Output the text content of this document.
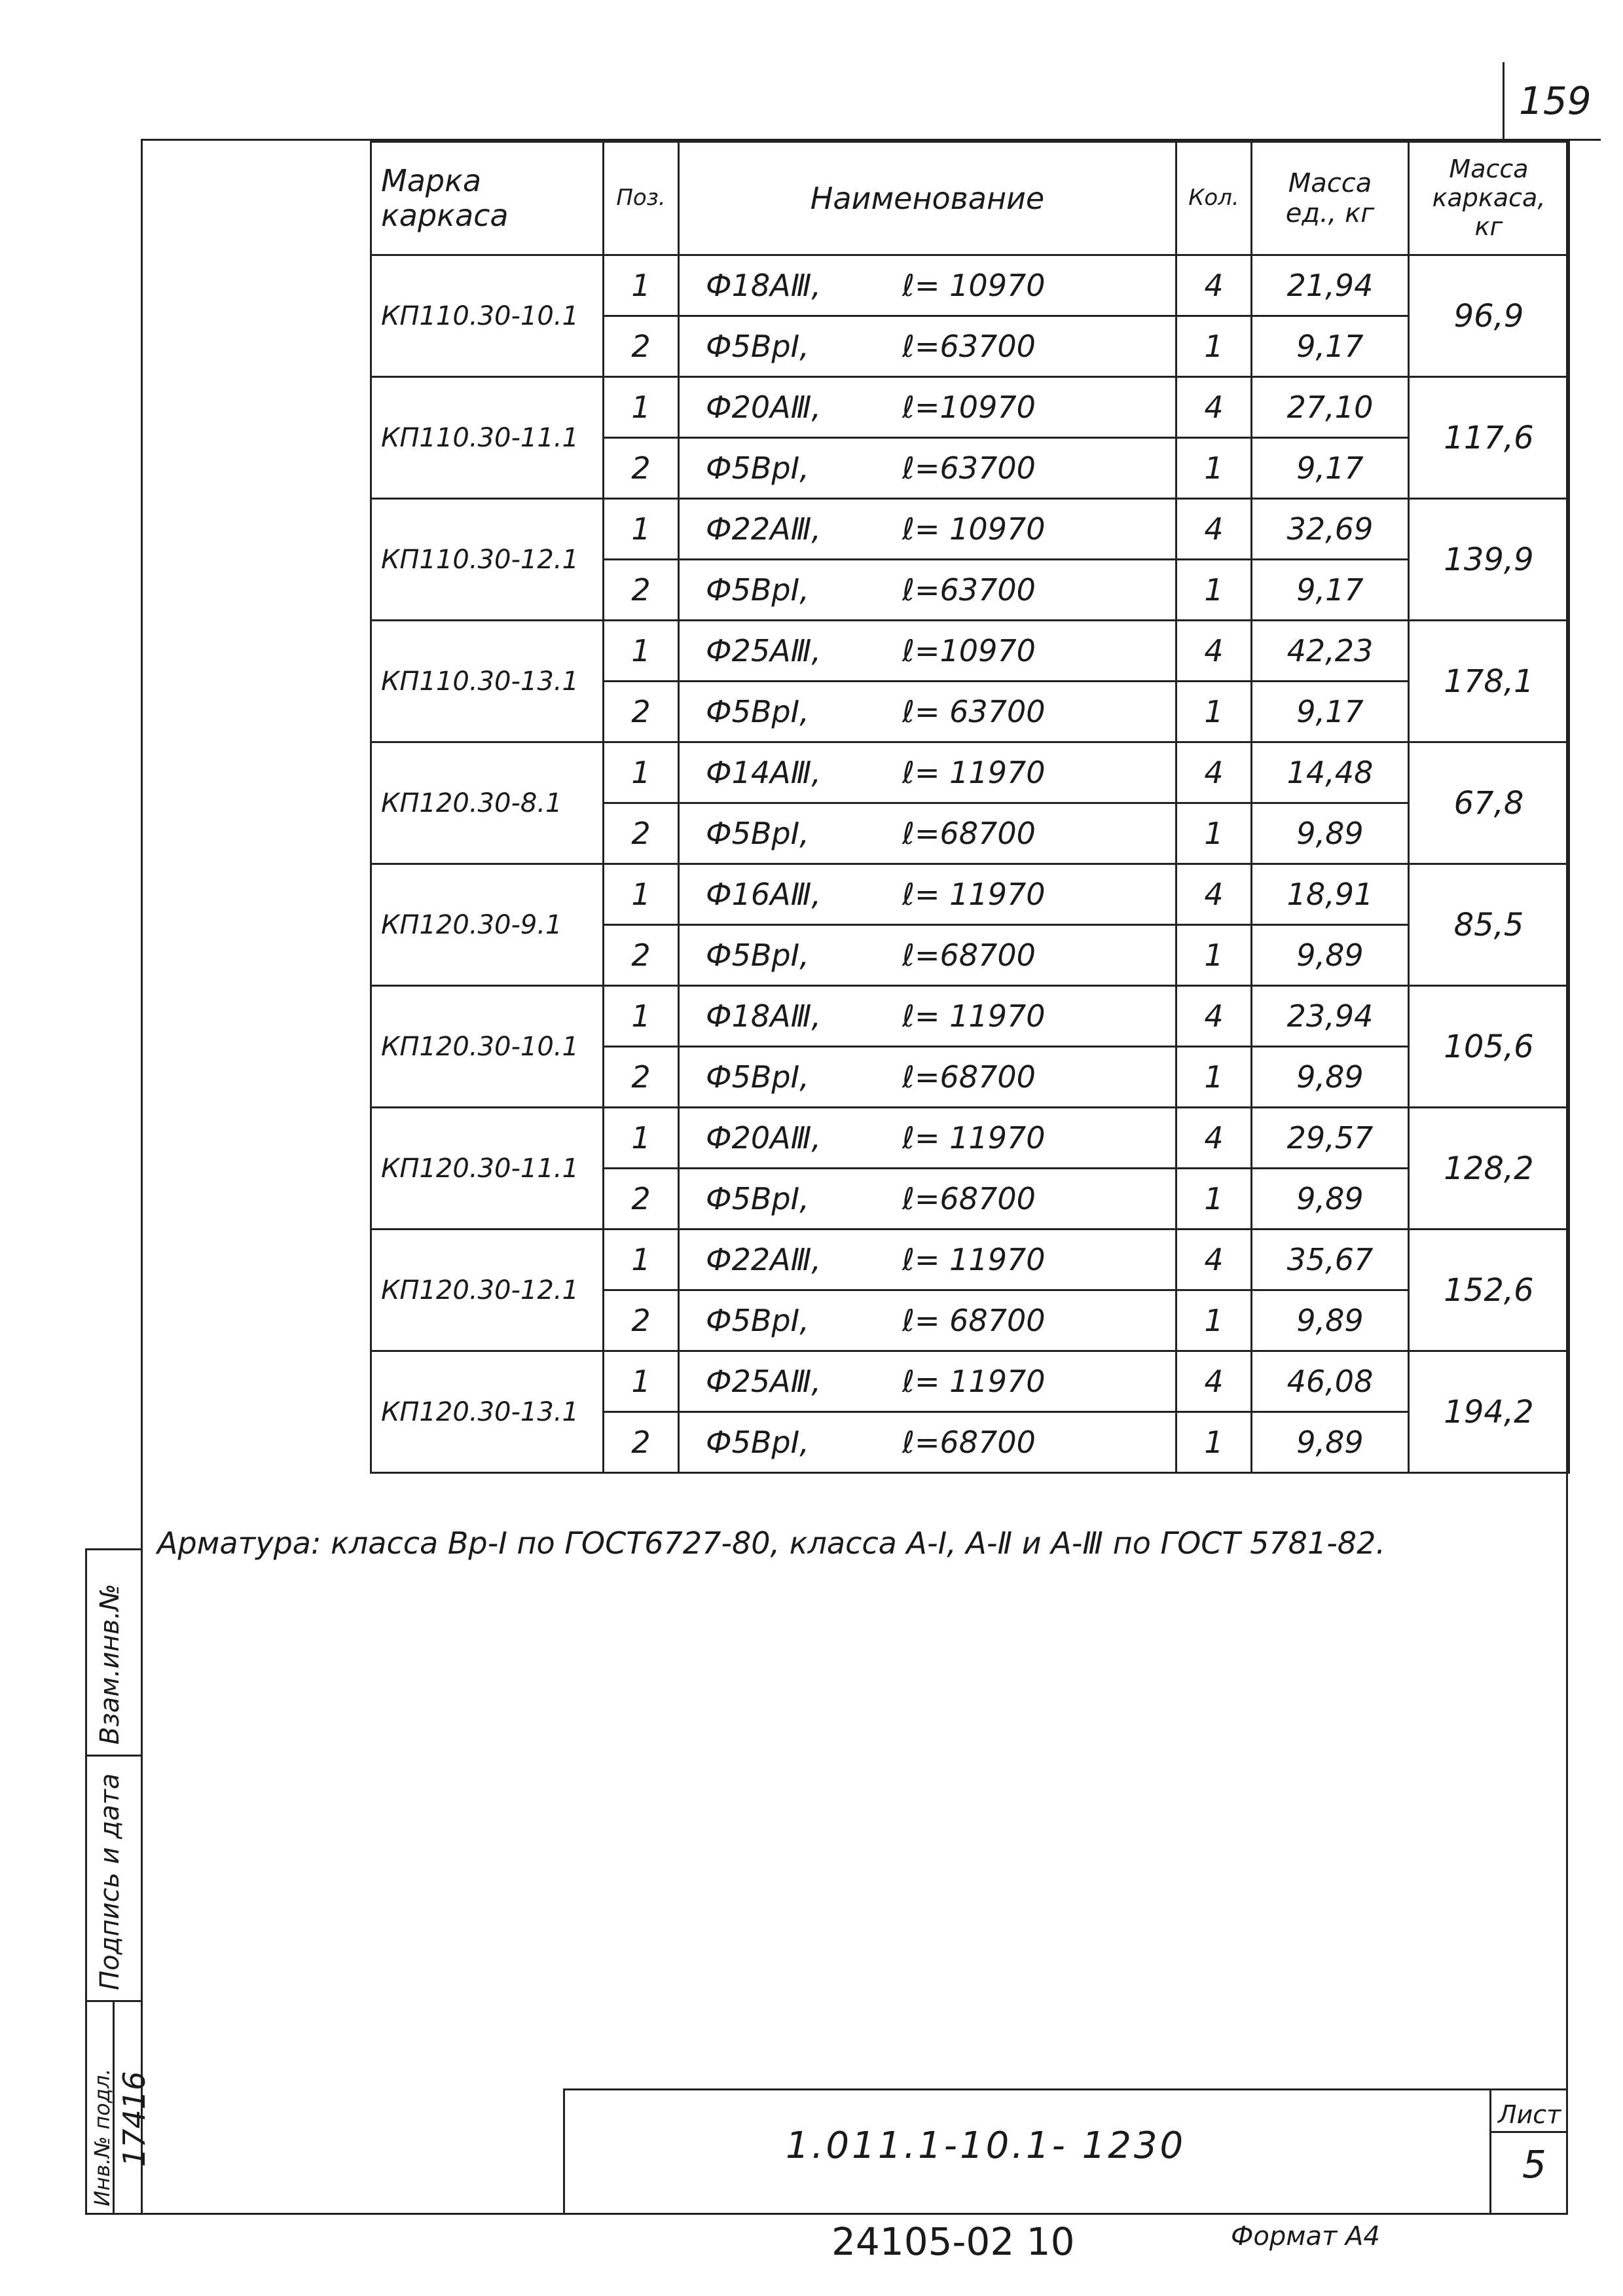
159
Взам.инв.№
Подпись и дата
Инв.№ подл. 17416
Марка каркаса	Поз.	Наименование	Кол.	Масса ед., кг	Масса каркаса, кг
КП110.30-10.1	1	Ф18АⅢ, ℓ= 10970	4	21,94	96,9
	2	Ф5ВрⅠ, ℓ=63700	1	9,17	
КП110.30-11.1	1	Ф20АⅢ, ℓ=10970	4	27,10	117,6
	2	Ф5ВрⅠ, ℓ=63700	1	9,17	
КП110.30-12.1	1	Ф22АⅢ, ℓ= 10970	4	32,69	139,9
	2	Ф5ВрⅠ, ℓ=63700	1	9,17	
КП110.30-13.1	1	Ф25АⅢ, ℓ=10970	4	42,23	178,1
	2	Ф5ВрⅠ, ℓ= 63700	1	9,17	
КП120.30-8.1	1	Ф14АⅢ, ℓ= 11970	4	14,48	67,8
	2	Ф5ВрⅠ, ℓ=68700	1	9,89	
КП120.30-9.1	1	Ф16АⅢ, ℓ= 11970	4	18,91	85,5
	2	Ф5ВрⅠ, ℓ=68700	1	9,89	
КП120.30-10.1	1	Ф18АⅢ, ℓ= 11970	4	23,94	105,6
	2	Ф5ВрⅠ, ℓ=68700	1	9,89	
КП120.30-11.1	1	Ф20АⅢ, ℓ= 11970	4	29,57	128,2
	2	Ф5ВрⅠ, ℓ=68700	1	9,89	
КП120.30-12.1	1	Ф22АⅢ, ℓ= 11970	4	35,67	152,6
	2	Ф5ВрⅠ, ℓ= 68700	1	9,89	
КП120.30-13.1	1	Ф25АⅢ, ℓ= 11970	4	46,08	194,2
	2	Ф5ВрⅠ, ℓ=68700	1	9,89	
Арматура: класса Вр-Ⅰ по ГОСТ6727-80, класса А-Ⅰ, А-Ⅱ и А-Ⅲ по ГОСТ 5781-82.
1.011.1-10.1- 1230
Лист
5
24105-02 10	Формат А4
